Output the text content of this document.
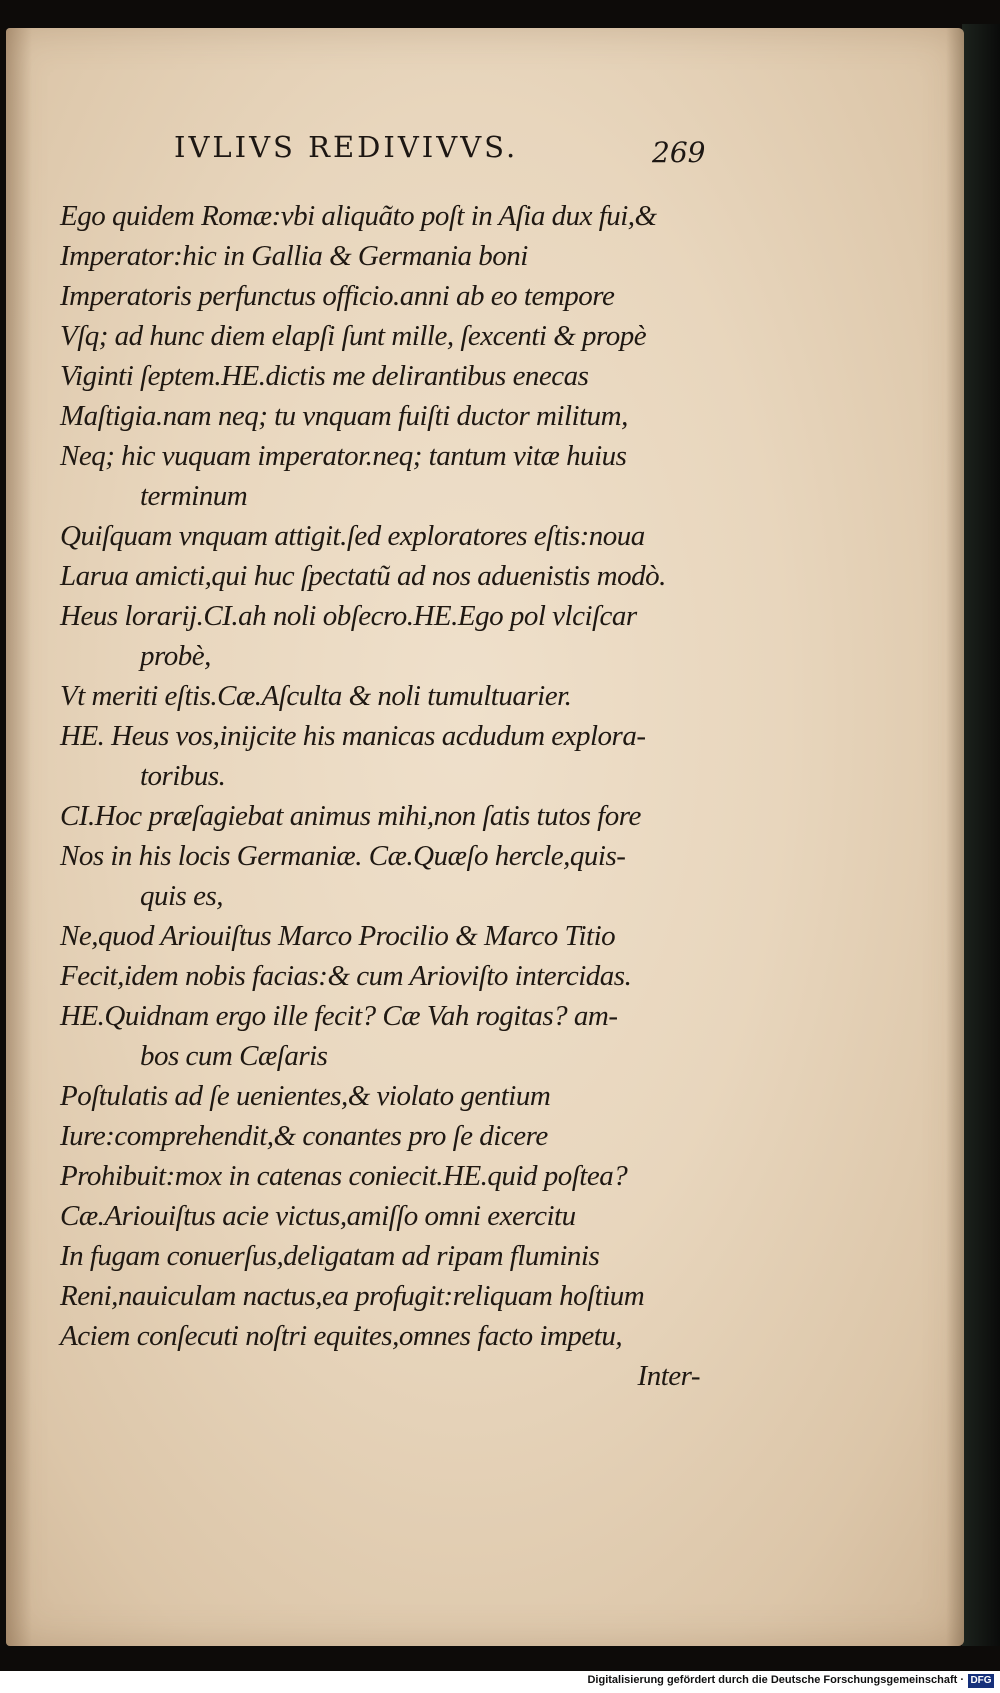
IVLIVS REDIVIVVS.	269
Ego quidem Romæ:vbi aliquãto poſt in Aſia dux fui,&
Imperator:hic in Gallia & Germania boni
Imperatoris perfunctus officio.anni ab eo tempore
Vſq; ad hunc diem elapſi ſunt mille, ſexcenti & propè
Viginti ſeptem.HE.dictis me delirantibus enecas
Maſtigia.nam neq; tu vnquam fuiſti ductor militum,
Neq; hic vuquam imperator.neq; tantum vitæ huius
terminum
Quiſquam vnquam attigit.ſed exploratores eſtis:noua
Larua amicti,qui huc ſpectatũ ad nos aduenistis modò.
Heus lorarij.CI.ah noli obſecro.HE.Ego pol vlciſcar
probè,
Vt meriti eſtis.Cæ.Aſculta & noli tumultuarier.
HE. Heus vos,inijcite his manicas acdudum explora-
toribus.
CI.Hoc præſagiebat animus mihi,non ſatis tutos fore
Nos in his locis Germaniæ. Cæ.Quæſo hercle,quis-
quis es,
Ne,quod Ariouiſtus Marco Procilio & Marco Titio
Fecit,idem nobis facias:& cum Arioviſto intercidas.
HE.Quidnam ergo ille fecit? Cæ Vah rogitas? am-
bos cum Cæſaris
Poſtulatis ad ſe uenientes,& violato gentium
Iure:comprehendit,& conantes pro ſe dicere
Prohibuit:mox in catenas coniecit.HE.quid poſtea?
Cæ.Ariouiſtus acie victus,amiſſo omni exercitu
In fugam conuerſus,deligatam ad ripam fluminis
Reni,nauiculam nactus,ea profugit:reliquam hoſtium
Aciem conſecuti noſtri equites,omnes facto impetu,
Inter-
Digitalisierung gefördert durch die Deutsche Forschungsgemeinschaft · DFG
